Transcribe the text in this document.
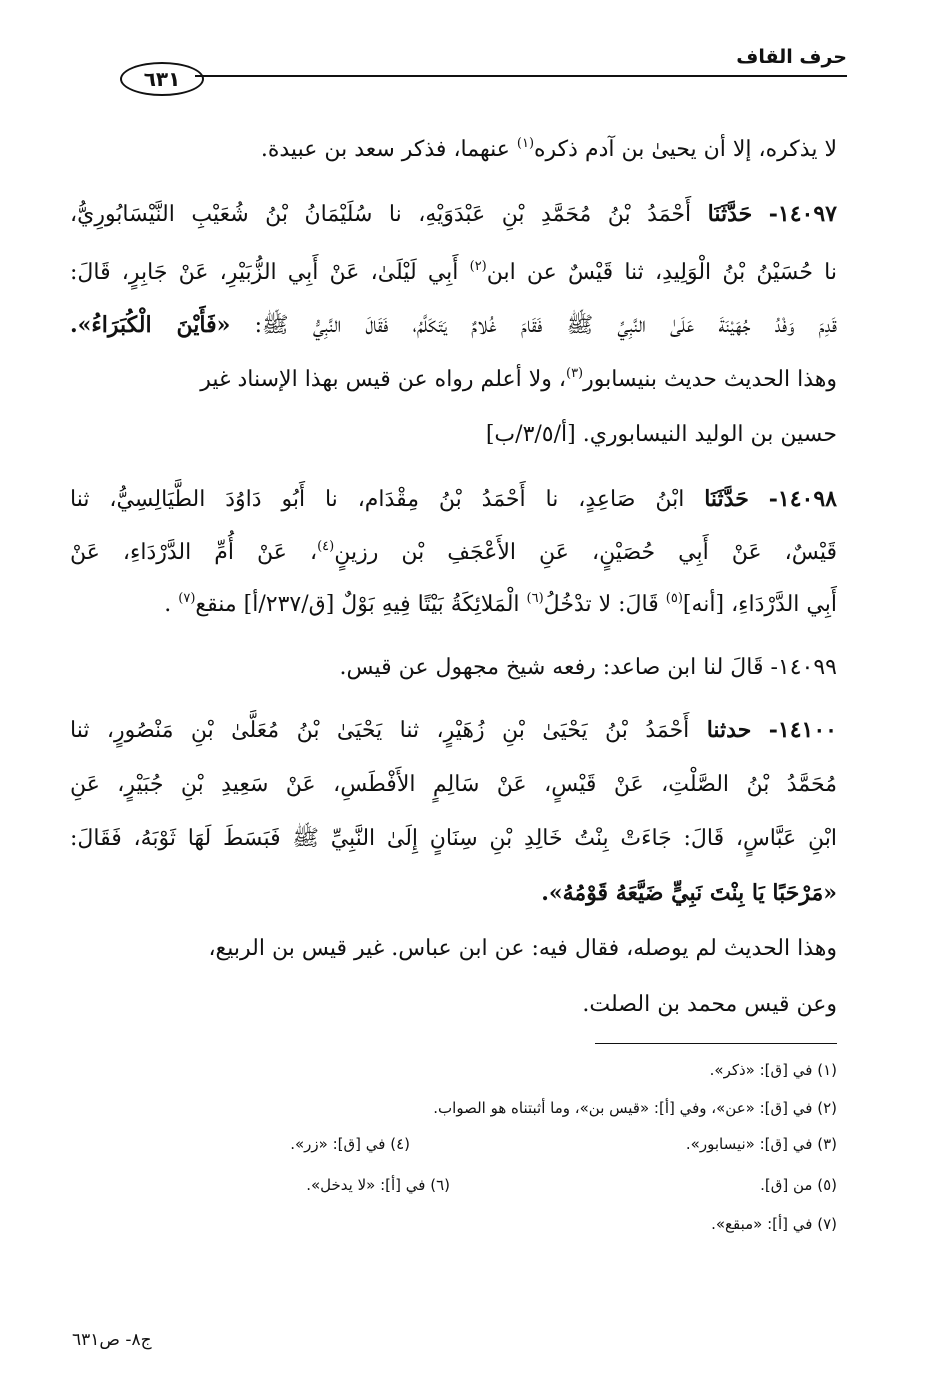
حرف القاف
٦٣١
لا يذكره، إلا أن يحيىٰ بن آدم ذكره$^{(١)}$ عنهما، فذكر سعد بن عبيدة.
١٤٠٩٧- حَدَّثَنَا أَحْمَدُ بْنُ مُحَمَّدِ بْنِ عَبْدَوَيْهِ، نا سُلَيْمَانُ بْنُ شُعَيْبِ النَّيْسَابُورِيُّ،
نا حُسَيْنُ بْنُ الْوَلِيدِ، ثنا قَيْسٌ عن ابن$^{(٢)}$ أَبِي لَيْلَىٰ، عَنْ أَبِي الزُّبَيْرِ، عَنْ جَابِرٍ، قَالَ:
قَدِمَ وَفْدُ جُهَيْنَةَ عَلَىٰ النَّبِيِّ ﷺ فَقَامَ غُلامٌ يَتَكَلَّمُ، فَقَالَ النَّبِيُّ ﷺ: «فَأَيْنَ الْكُبَرَاءُ».
وهذا الحديث حديث بنيسابور$^{(٣)}$، ولا أعلم رواه عن قيس بهذا الإسناد غير
حسين بن الوليد النيسابوري. [أ/٣/٥/ب]
١٤٠٩٨- حَدَّثَنَا ابْنُ صَاعِدٍ، نا أَحْمَدُ بْنُ مِقْدَام، نا أَبُو دَاوُدَ الطَّيَالِسِيُّ، ثنا
قَيْسٌ، عَنْ أَبِي حُصَيْنٍ، عَنِ الأَعْجَفِ بْن رزينٍ$^{(٤)}$، عَنْ أُمِّ الدَّرْدَاءِ، عَنْ
أَبِي الدَّرْدَاءِ، [أنه]$^{(٥)}$ قَالَ: لا تدْخُلُ$^{(٦)}$ الْمَلائِكَةُ بَيْتًا فِيهِ بَوْلٌ [ق/٢٣٧/أ] منقع$^{(٧)}$ .
١٤٠٩٩- قَالَ لنا ابن صاعد: رفعه شيخ مجهول عن قيس.
١٤١٠٠- حدثنا أَحْمَدُ بْنُ يَحْيَىٰ بْنِ زُهَيْرٍ، ثنا يَحْيَىٰ بْنُ مُعَلَّىٰ بْنِ مَنْصُورٍ، ثنا
مُحَمَّدُ بْنُ الصَّلْتِ، عَنْ قَيْسٍ، عَنْ سَالِمٍ الأَفْطَسِ، عَنْ سَعِيدِ بْنِ جُبَيْرٍ، عَنِ
ابْنِ عَبَّاسٍ، قَالَ: جَاءَتْ بِنْتُ خَالِدِ بْنِ سِنَانٍ إِلَىٰ النَّبِيِّ ﷺ فَبَسَطَ لَهَا ثَوْبَهُ، فَقَالَ:
«مَرْحَبًا يَا بِنْتَ نَبِيٍّ ضَيَّعَهُ قَوْمُهُ».
وهذا الحديث لم يوصله، فقال فيه: عن ابن عباس. غير قيس بن الربيع،
وعن قيس محمد بن الصلت.
(١) في [ق]: «ذكر».
(٢) في [ق]: «عن»، وفي [أ]: «قيس بن»، وما أثبتناه هو الصواب.
(٣) في [ق]: «نيسابور».
(٤) في [ق]: «زر».
(٥) من [ق].
(٦) في [أ]: «لا يدخل».
(٧) في [أ]: «مبقع».
ج٨- ص٦٣١
